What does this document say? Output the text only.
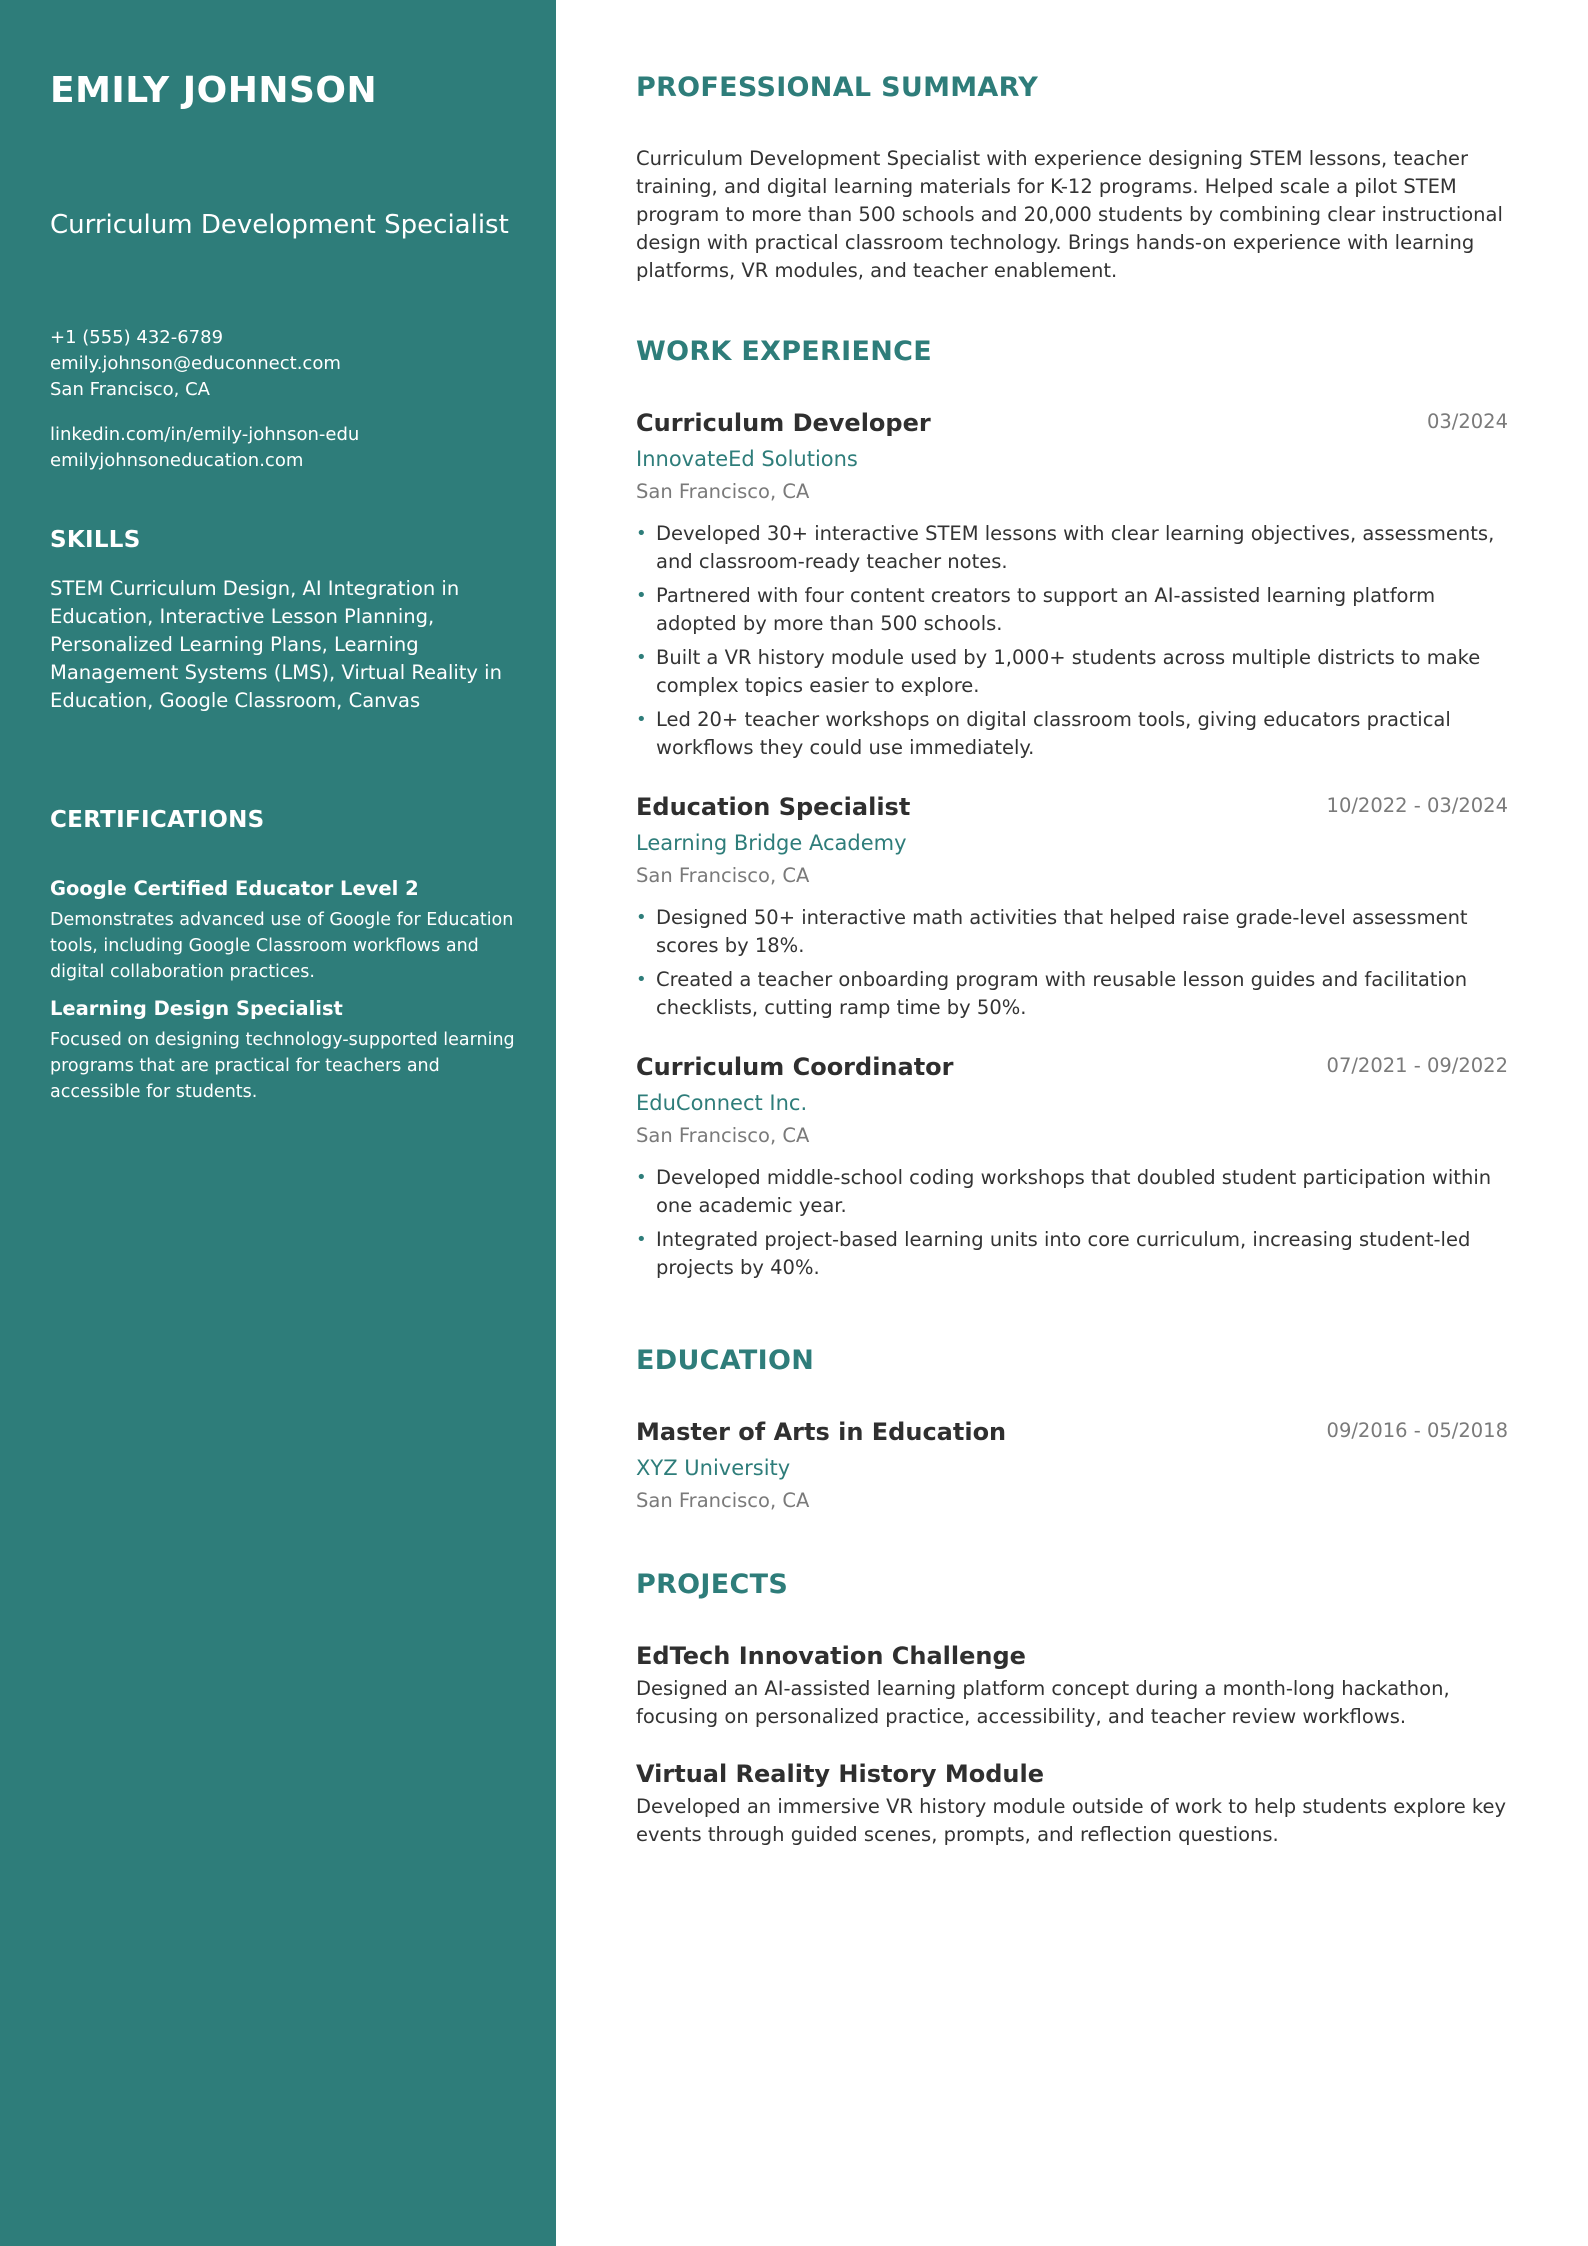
EMILY JOHNSON
Curriculum Development Specialist
+1 (555) 432-6789
emily.johnson@educonnect.com
San Francisco, CA
linkedin.com/in/emily-johnson-edu
emilyjohnsoneducation.com
SKILLS
STEM Curriculum Design, AI Integration in Education, Interactive Lesson Planning, Personalized Learning Plans, Learning Management Systems (LMS), Virtual Reality in Education, Google Classroom, Canvas
CERTIFICATIONS
Google Certified Educator Level 2
Demonstrates advanced use of Google for Education tools, including Google Classroom workflows and digital collaboration practices.
Learning Design Specialist
Focused on designing technology-supported learning programs that are practical for teachers and accessible for students.
PROFESSIONAL SUMMARY
Curriculum Development Specialist with experience designing STEM lessons, teacher training, and digital learning materials for K-12 programs. Helped scale a pilot STEM program to more than 500 schools and 20,000 students by combining clear instructional design with practical classroom technology. Brings hands-on experience with learning platforms, VR modules, and teacher enablement.
WORK EXPERIENCE
Curriculum Developer	03/2024
InnovateEd Solutions
San Francisco, CA
• Developed 30+ interactive STEM lessons with clear learning objectives, assessments, and classroom-ready teacher notes.
• Partnered with four content creators to support an AI-assisted learning platform adopted by more than 500 schools.
• Built a VR history module used by 1,000+ students across multiple districts to make complex topics easier to explore.
• Led 20+ teacher workshops on digital classroom tools, giving educators practical workflows they could use immediately.
Education Specialist	10/2022 - 03/2024
Learning Bridge Academy
San Francisco, CA
• Designed 50+ interactive math activities that helped raise grade-level assessment scores by 18%.
• Created a teacher onboarding program with reusable lesson guides and facilitation checklists, cutting ramp time by 50%.
Curriculum Coordinator	07/2021 - 09/2022
EduConnect Inc.
San Francisco, CA
• Developed middle-school coding workshops that doubled student participation within one academic year.
• Integrated project-based learning units into core curriculum, increasing student-led projects by 40%.
EDUCATION
Master of Arts in Education	09/2016 - 05/2018
XYZ University
San Francisco, CA
PROJECTS
EdTech Innovation Challenge
Designed an AI-assisted learning platform concept during a month-long hackathon, focusing on personalized practice, accessibility, and teacher review workflows.
Virtual Reality History Module
Developed an immersive VR history module outside of work to help students explore key events through guided scenes, prompts, and reflection questions.
